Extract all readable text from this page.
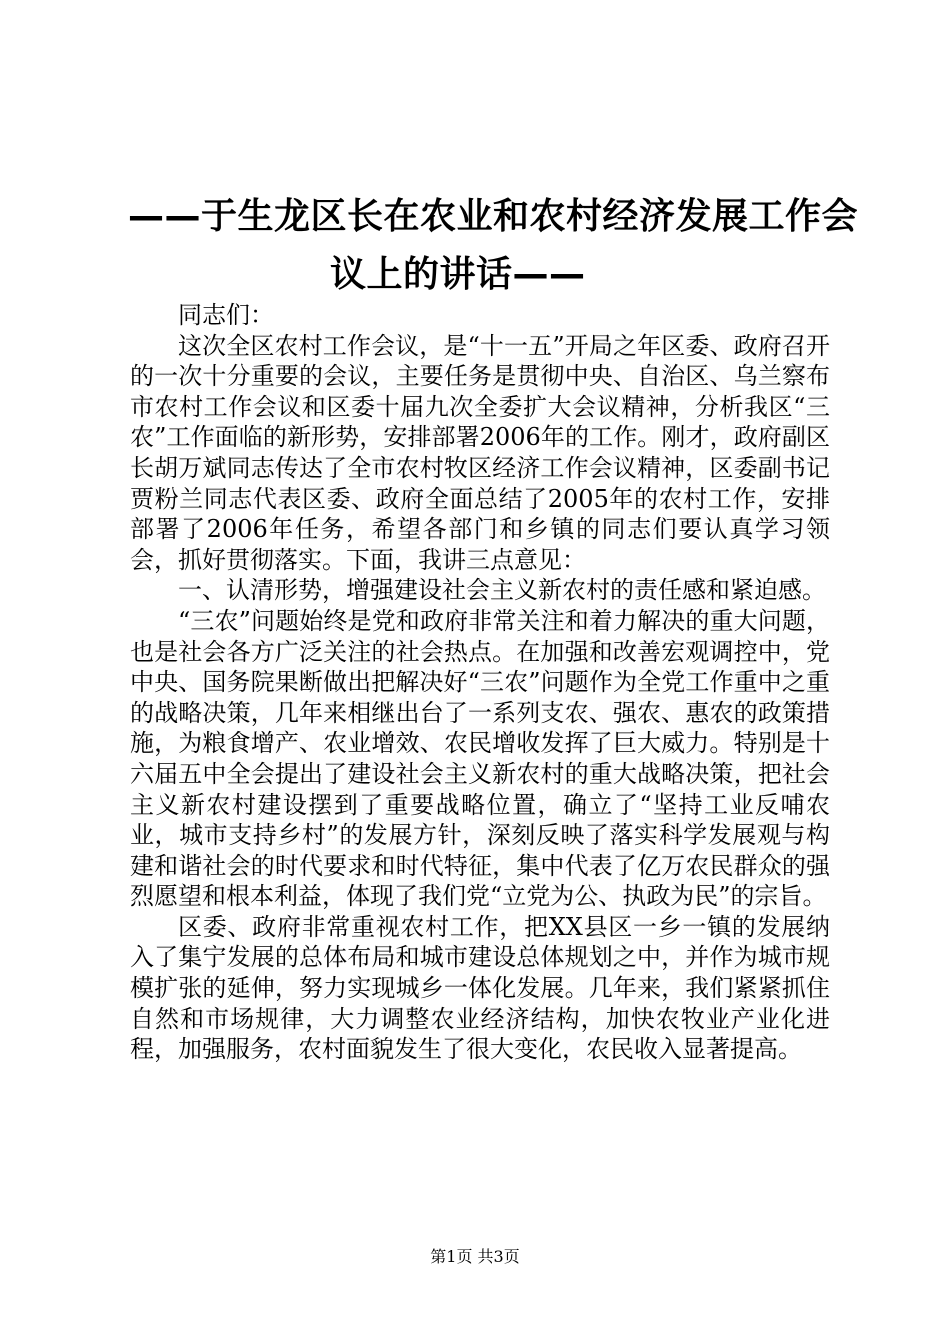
——于生龙区长在农业和农村经济发展工作会
议上的讲话——

同志们：

这次全区农村工作会议，是“十一五”开局之年区委、政府召开的一次十分重要的会议，主要任务是贯彻中央、自治区、乌兰察布市农村工作会议和区委十届九次全委扩大会议精神，分析我区“三农”工作面临的新形势，安排部署2006年的工作。刚才，政府副区长胡万斌同志传达了全市农村牧区经济工作会议精神，区委副书记贾粉兰同志代表区委、政府全面总结了2005年的农村工作，安排部署了2006年任务，希望各部门和乡镇的同志们要认真学习领会，抓好贯彻落实。下面，我讲三点意见：

一、认清形势，增强建设社会主义新农村的责任感和紧迫感。

“三农”问题始终是党和政府非常关注和着力解决的重大问题，也是社会各方广泛关注的社会热点。在加强和改善宏观调控中，党中央、国务院果断做出把解决好“三农”问题作为全党工作重中之重的战略决策，几年来相继出台了一系列支农、强农、惠农的政策措施，为粮食增产、农业增效、农民增收发挥了巨大威力。特别是十六届五中全会提出了建设社会主义新农村的重大战略决策，把社会主义新农村建设摆到了重要战略位置，确立了“坚持工业反哺农业，城市支持乡村”的发展方针，深刻反映了落实科学发展观与构建和谐社会的时代要求和时代特征，集中代表了亿万农民群众的强烈愿望和根本利益，体现了我们党“立党为公、执政为民”的宗旨。

区委、政府非常重视农村工作，把XX县区一乡一镇的发展纳入了集宁发展的总体布局和城市建设总体规划之中，并作为城市规模扩张的延伸，努力实现城乡一体化发展。几年来，我们紧紧抓住自然和市场规律，大力调整农业经济结构，加快农牧业产业化进程，加强服务，农村面貌发生了很大变化，农民收入显著提高。

第1页 共3页
